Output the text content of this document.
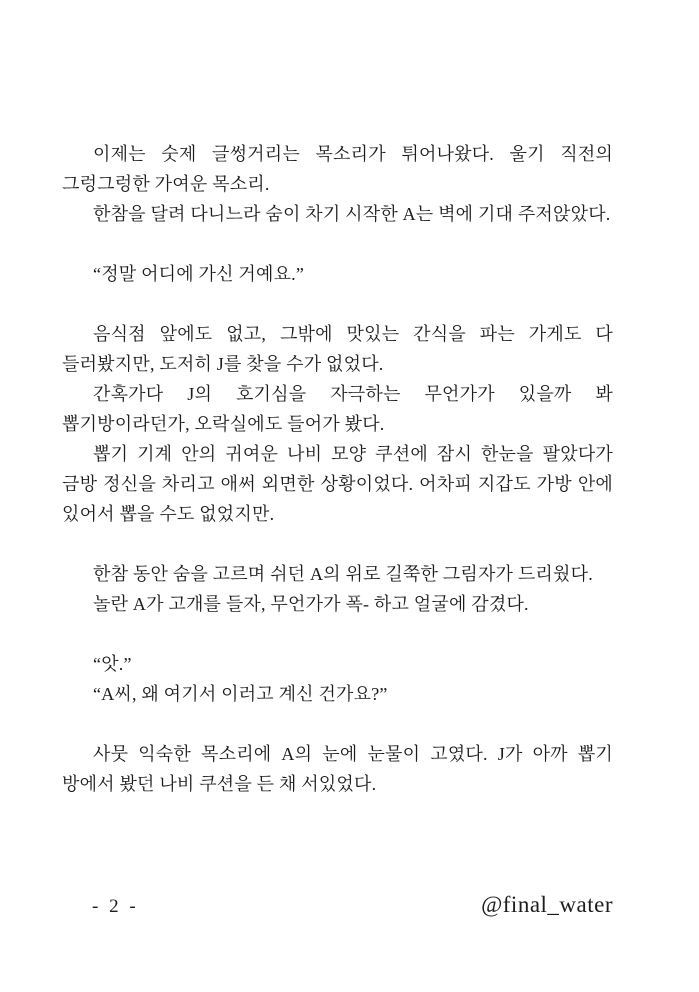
이제는 숫제 글썽거리는 목소리가 튀어나왔다. 울기 직전의 그렁그렁한 가여운 목소리.

한참을 달려 다니느라 숨이 차기 시작한 A는 벽에 기대 주저앉았다.

“정말 어디에 가신 거예요.”

음식점 앞에도 없고, 그밖에 맛있는 간식을 파는 가게도 다 들러봤지만, 도저히 J를 찾을 수가 없었다.

간혹가다 J의 호기심을 자극하는 무언가가 있을까 봐 뽑기방이라던가, 오락실에도 들어가 봤다.

뽑기 기계 안의 귀여운 나비 모양 쿠션에 잠시 한눈을 팔았다가 금방 정신을 차리고 애써 외면한 상황이었다. 어차피 지갑도 가방 안에 있어서 뽑을 수도 없었지만.

한참 동안 숨을 고르며 쉬던 A의 위로 길쭉한 그림자가 드리웠다.

놀란 A가 고개를 들자, 무언가가 폭- 하고 얼굴에 감겼다.

“앗.”

“A씨, 왜 여기서 이러고 계신 건가요?”

사뭇 익숙한 목소리에 A의 눈에 눈물이 고였다. J가 아까 뽑기 방에서 봤던 나비 쿠션을 든 채 서있었다.

- 2 -	@final_water
